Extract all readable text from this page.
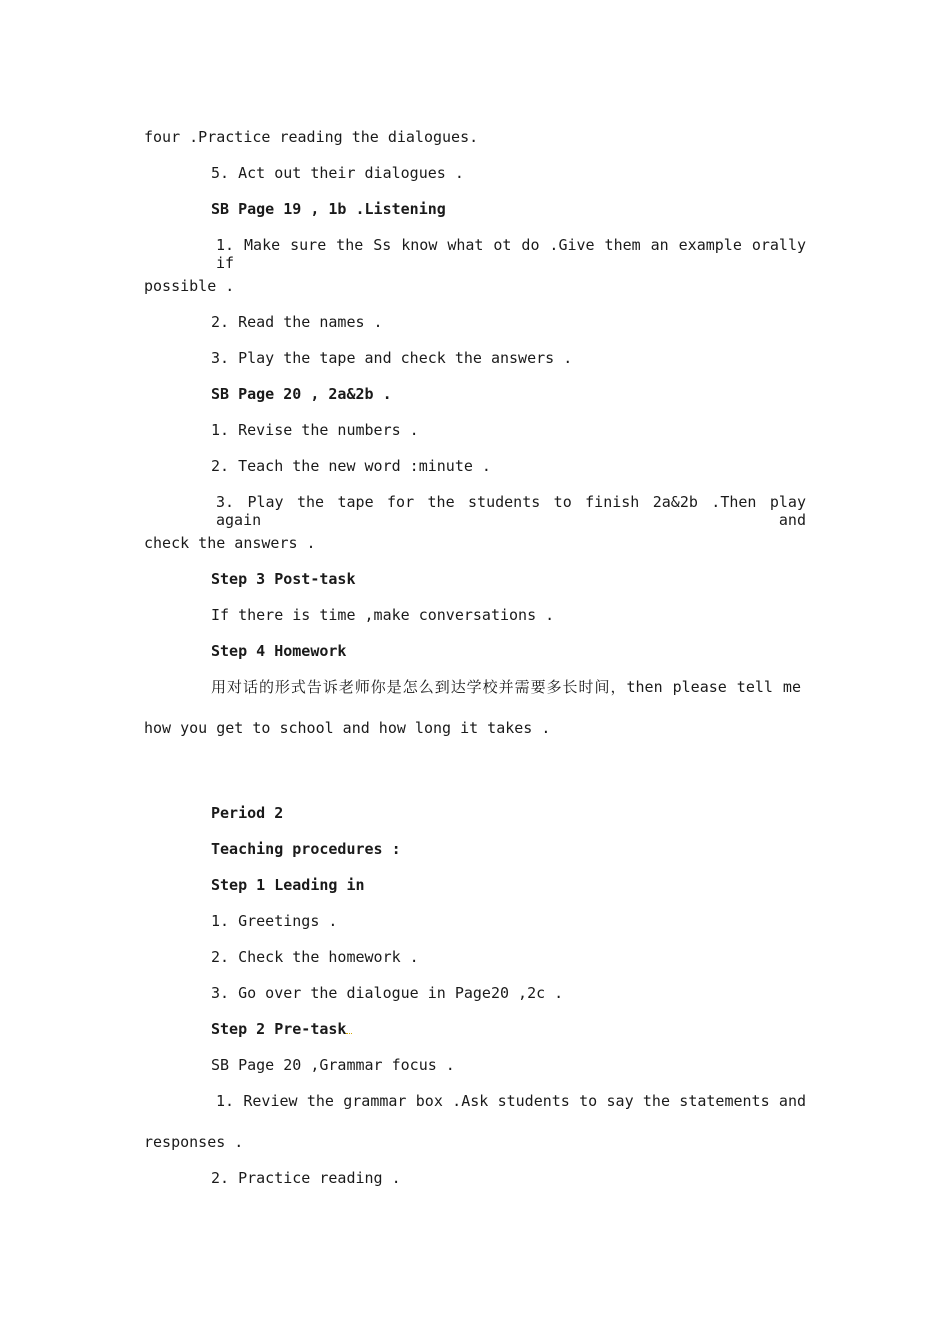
four .Practice reading the dialogues.
5. Act out their dialogues .
SB Page 19 , 1b .Listening
1. Make sure the Ss know what ot do .Give them an example orally if
possible .
2. Read the names .
3. Play the tape and check the answers .
SB Page 20 , 2a&2b .
1. Revise the numbers .
2. Teach the new word :minute .
3. Play the tape for the students to finish 2a&2b .Then play again and
check the answers .
Step 3 Post-task
If there is time ,make conversations .
Step 4 Homework
用对话的形式告诉老师你是怎么到达学校并需要多长时间，then please tell me
how you get to school and how long it takes .
Period 2
Teaching procedures :
Step 1 Leading in
1. Greetings .
2. Check the homework .
3. Go over the dialogue in Page20 ,2c .
Step 2 Pre-task
SB Page 20 ,Grammar focus .
1. Review the grammar box .Ask students to say the statements and
responses .
2. Practice reading .
